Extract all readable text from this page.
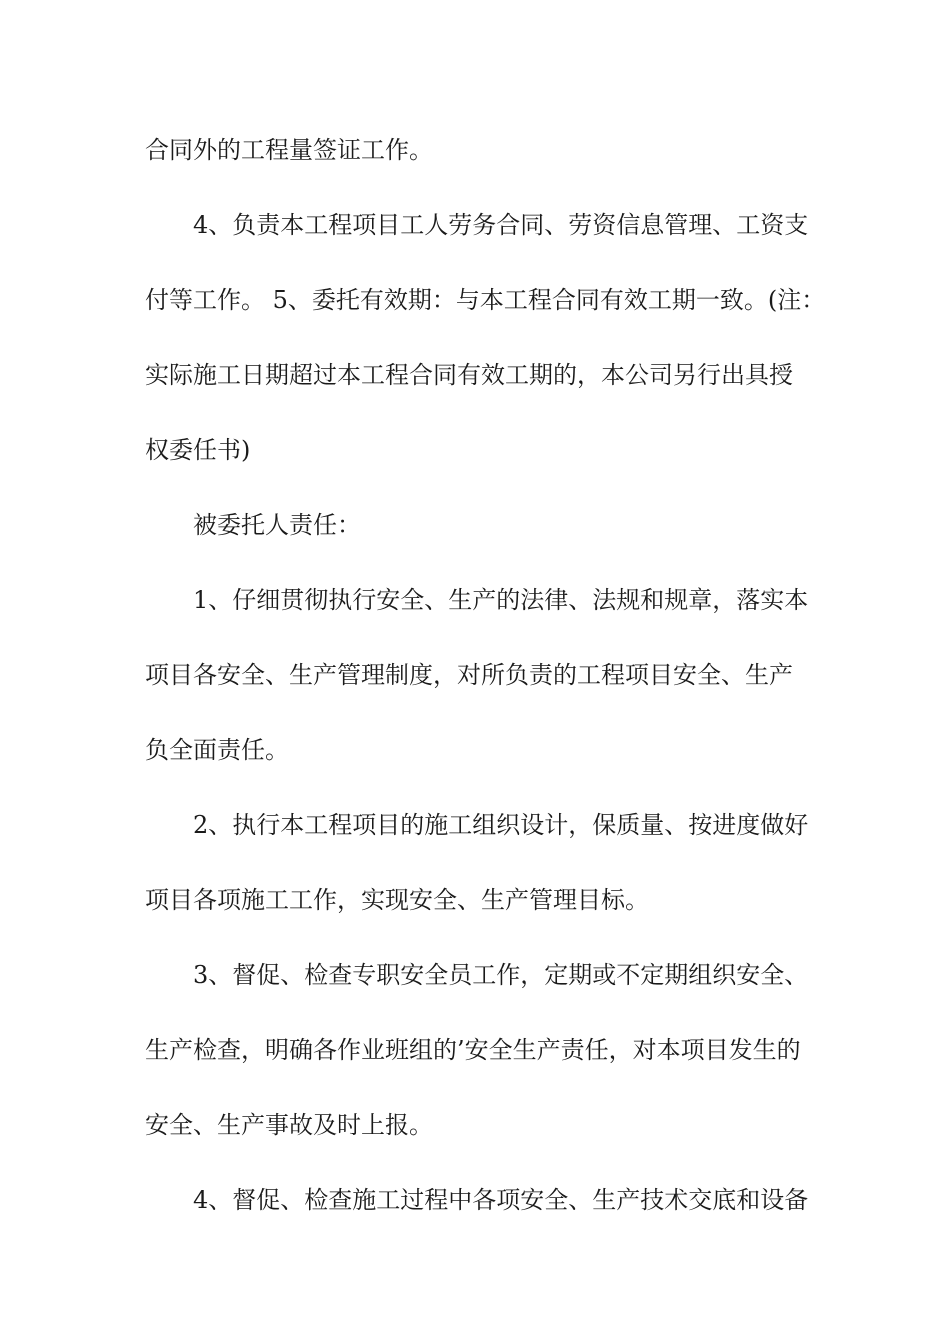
合同外的工程量签证工作。
4、负责本工程项目工人劳务合同、劳资信息管理、工资支
付等工作。 5、委托有效期：与本工程合同有效工期一致。(注：
实际施工日期超过本工程合同有效工期的，本公司另行出具授
权委任书)
被委托人责任：
1、仔细贯彻执行安全、生产的法律、法规和规章，落实本
项目各安全、生产管理制度，对所负责的工程项目安全、生产
负全面责任。
2、执行本工程项目的施工组织设计，保质量、按进度做好
项目各项施工工作，实现安全、生产管理目标。
3、督促、检查专职安全员工作，定期或不定期组织安全、
生产检查，明确各作业班组的’安全生产责任，对本项目发生的
安全、生产事故及时上报。
4、督促、检查施工过程中各项安全、生产技术交底和设备
